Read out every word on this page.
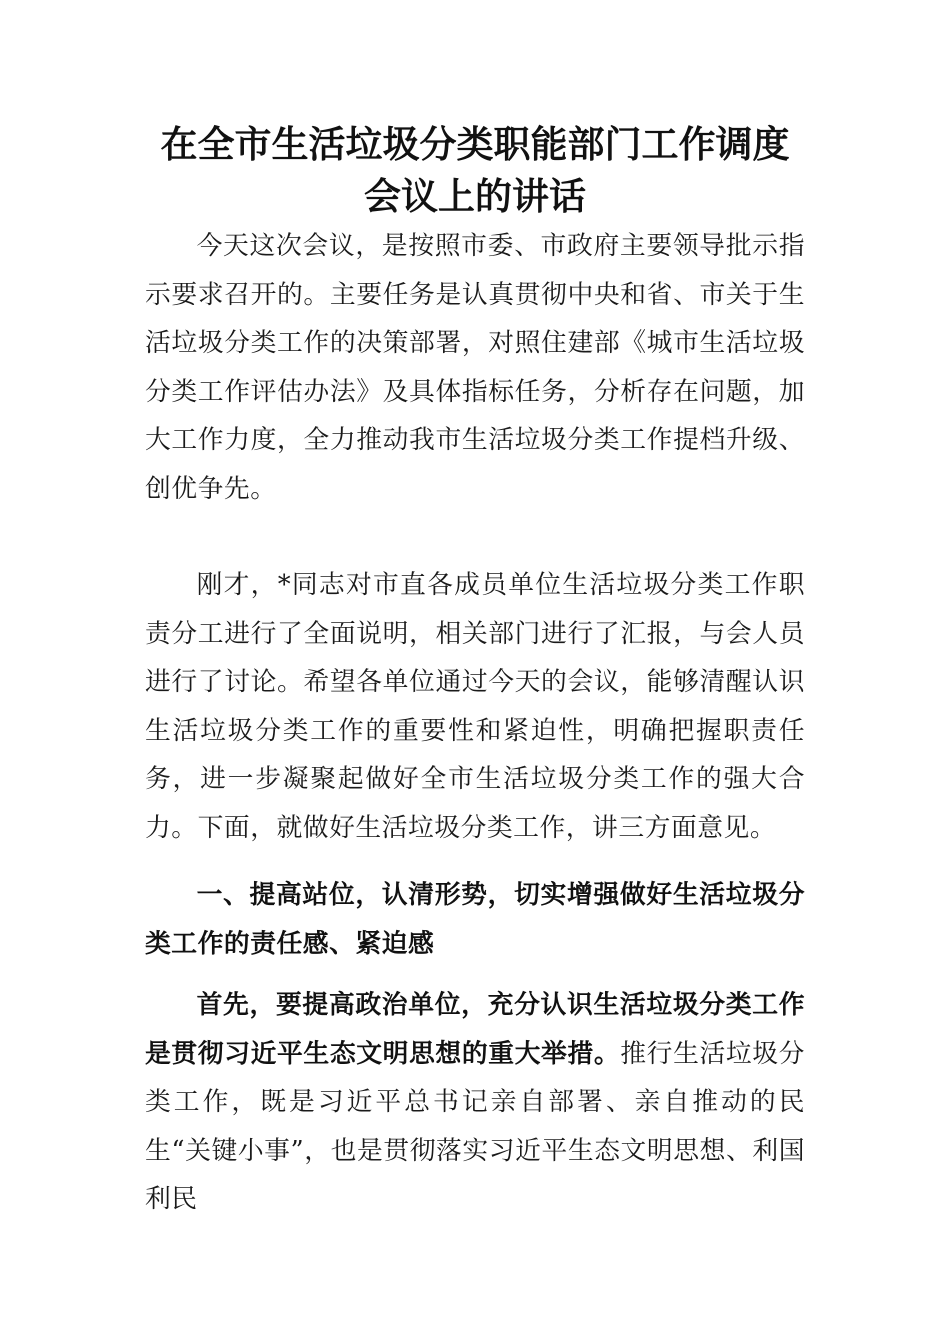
在全市生活垃圾分类职能部门工作调度会议上的讲话

今天这次会议，是按照市委、市政府主要领导批示指示要求召开的。主要任务是认真贯彻中央和省、市关于生活垃圾分类工作的决策部署，对照住建部《城市生活垃圾分类工作评估办法》及具体指标任务，分析存在问题，加大工作力度，全力推动我市生活垃圾分类工作提档升级、创优争先。

刚才，*同志对市直各成员单位生活垃圾分类工作职责分工进行了全面说明，相关部门进行了汇报，与会人员进行了讨论。希望各单位通过今天的会议，能够清醒认识生活垃圾分类工作的重要性和紧迫性，明确把握职责任务，进一步凝聚起做好全市生活垃圾分类工作的强大合力。下面，就做好生活垃圾分类工作，讲三方面意见。

一、提高站位，认清形势，切实增强做好生活垃圾分类工作的责任感、紧迫感

首先，要提高政治单位，充分认识生活垃圾分类工作是贯彻习近平生态文明思想的重大举措。推行生活垃圾分类工作，既是习近平总书记亲自部署、亲自推动的民生“关键小事”，也是贯彻落实习近平生态文明思想、利国利民
